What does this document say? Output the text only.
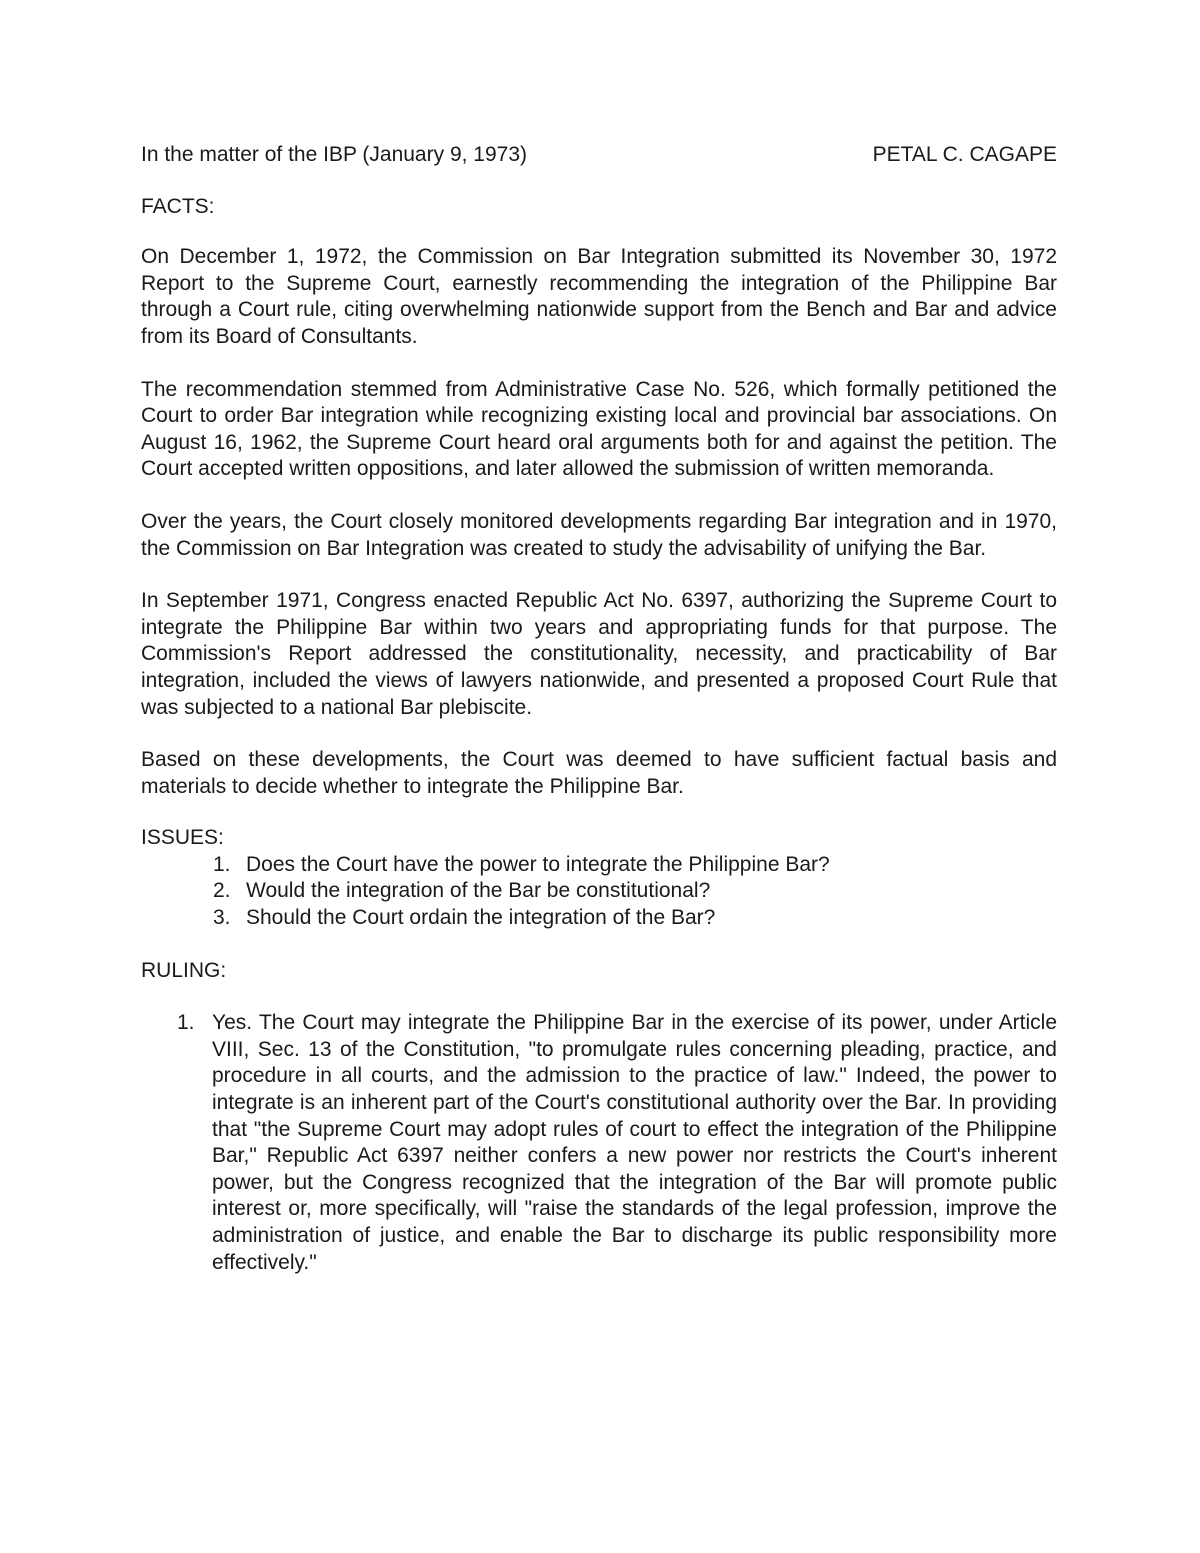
In the matter of the IBP (January 9, 1973)	PETAL C. CAGAPE
FACTS:

On December 1, 1972, the Commission on Bar Integration submitted its November 30, 1972 Report to the Supreme Court, earnestly recommending the integration of the Philippine Bar through a Court rule, citing overwhelming nationwide support from the Bench and Bar and advice from its Board of Consultants.

The recommendation stemmed from Administrative Case No. 526, which formally petitioned the Court to order Bar integration while recognizing existing local and provincial bar associations. On August 16, 1962, the Supreme Court heard oral arguments both for and against the petition. The Court accepted written oppositions, and later allowed the submission of written memoranda.

Over the years, the Court closely monitored developments regarding Bar integration and in 1970, the Commission on Bar Integration was created to study the advisability of unifying the Bar.

In September 1971, Congress enacted Republic Act No. 6397, authorizing the Supreme Court to integrate the Philippine Bar within two years and appropriating funds for that purpose. The Commission's Report addressed the constitutionality, necessity, and practicability of Bar integration, included the views of lawyers nationwide, and presented a proposed Court Rule that was subjected to a national Bar plebiscite.

Based on these developments, the Court was deemed to have sufficient factual basis and materials to decide whether to integrate the Philippine Bar.

ISSUES:
1. Does the Court have the power to integrate the Philippine Bar?
2. Would the integration of the Bar be constitutional?
3. Should the Court ordain the integration of the Bar?
RULING:
1. Yes. The Court may integrate the Philippine Bar in the exercise of its power, under Article VIII, Sec. 13 of the Constitution, "to promulgate rules concerning pleading, practice, and procedure in all courts, and the admission to the practice of law." Indeed, the power to integrate is an inherent part of the Court's constitutional authority over the Bar. In providing that "the Supreme Court may adopt rules of court to effect the integration of the Philippine Bar," Republic Act 6397 neither confers a new power nor restricts the Court's inherent power, but the Congress recognized that the integration of the Bar will promote public interest or, more specifically, will "raise the standards of the legal profession, improve the administration of justice, and enable the Bar to discharge its public responsibility more effectively."
